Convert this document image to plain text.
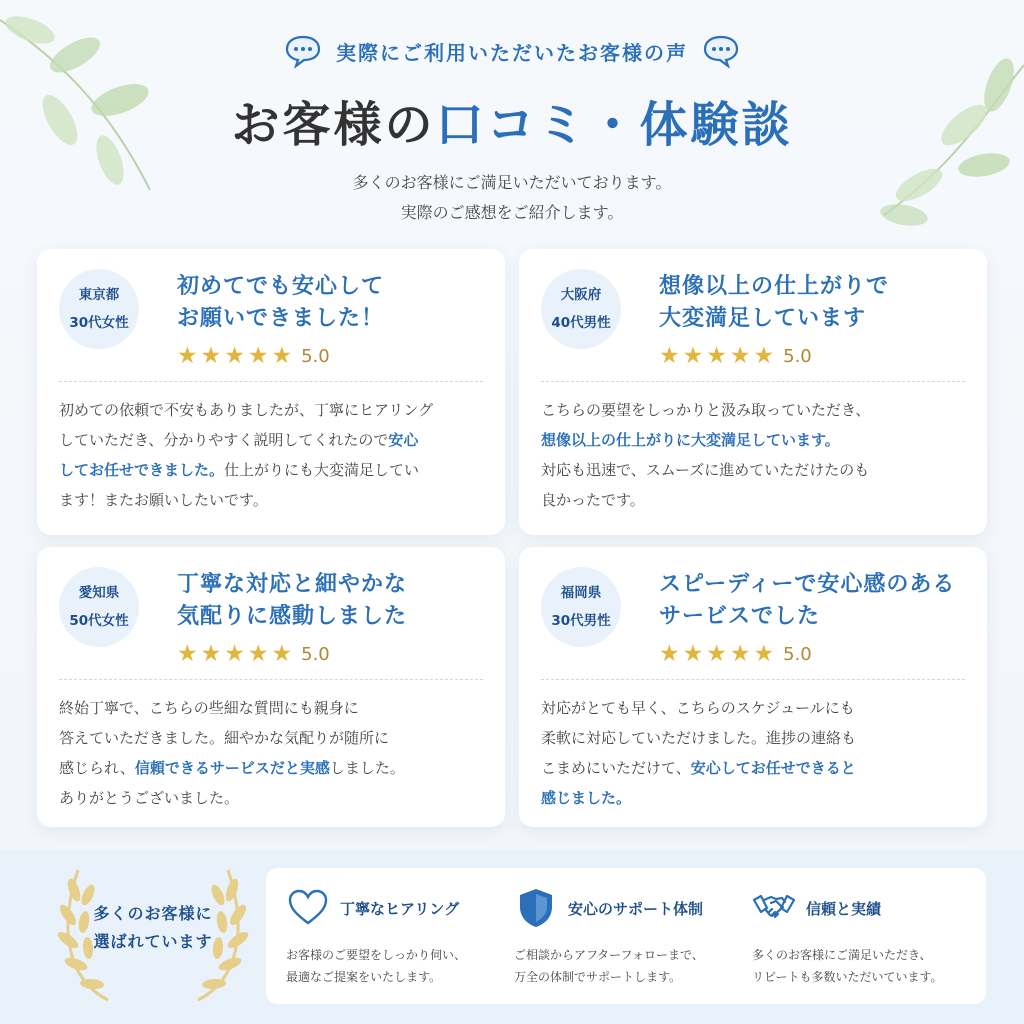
実際にご利用いただいたお客様の声
お客様の口コミ・体験談
多くのお客様にご満足いただいております。
実際のご感想をご紹介します。
東京都
30代女性
初めてでも安心して
お願いできました！
★ ★ ★ ★ ★ 5.0
初めての依頼で不安もありましたが、丁寧にヒアリング
していただき、分かりやすく説明してくれたので安心
してお任せできました。仕上がりにも大変満足してい
ます！またお願いしたいです。
大阪府
40代男性
想像以上の仕上がりで
大変満足しています
★ ★ ★ ★ ★ 5.0
こちらの要望をしっかりと汲み取っていただき、
想像以上の仕上がりに大変満足しています。
対応も迅速で、スムーズに進めていただけたのも
良かったです。
愛知県
50代女性
丁寧な対応と細やかな
気配りに感動しました
★ ★ ★ ★ ★ 5.0
終始丁寧で、こちらの些細な質問にも親身に
答えていただきました。細やかな気配りが随所に
感じられ、信頼できるサービスだと実感しました。
ありがとうございました。
福岡県
30代男性
スピーディーで安心感のある
サービスでした
★ ★ ★ ★ ★ 5.0
対応がとても早く、こちらのスケジュールにも
柔軟に対応していただけました。進捗の連絡も
こまめにいただけて、安心してお任せできると
感じました。
多くのお客様に
選ばれています
丁寧なヒアリング
お客様のご要望をしっかり伺い、
最適なご提案をいたします。
安心のサポート体制
ご相談からアフターフォローまで、
万全の体制でサポートします。
信頼と実績
多くのお客様にご満足いただき、
リピートも多数いただいています。
